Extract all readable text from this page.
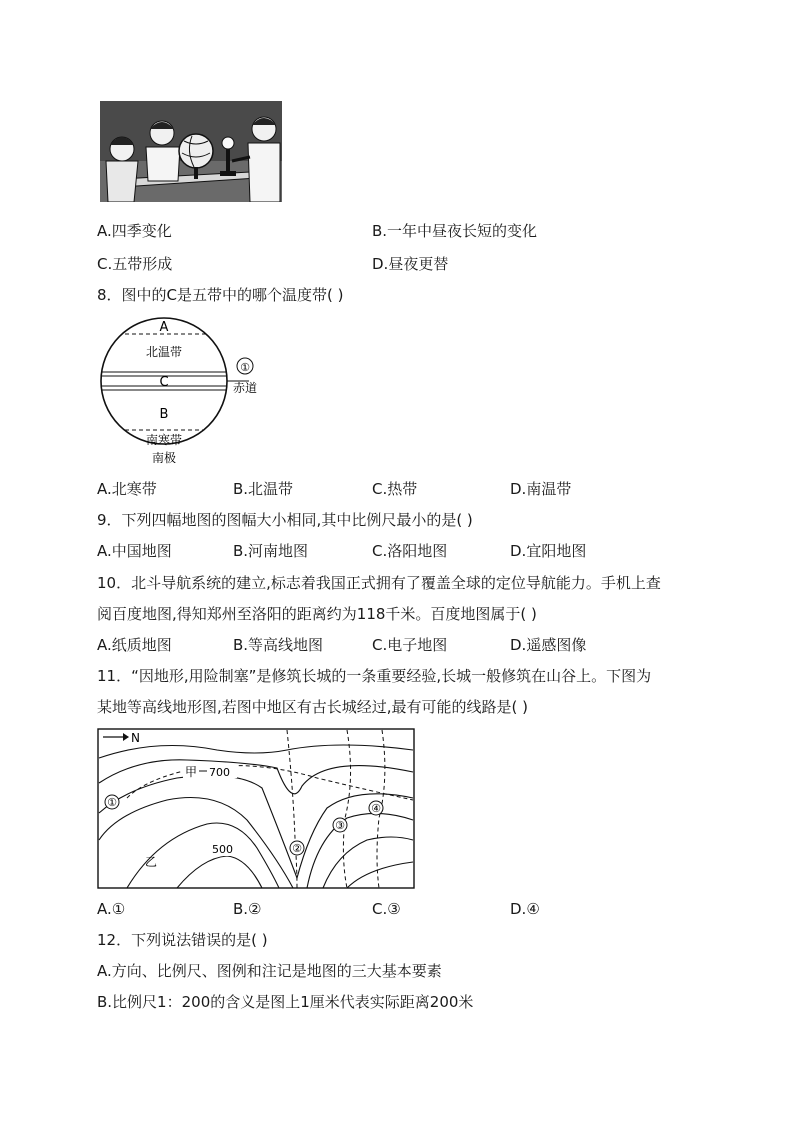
A.四季变化	B.一年中昼夜长短的变化
C.五带形成	D.昼夜更替
8．图中的C是五带中的哪个温度带( )
A
北温带
C
B
南寒带
南极
①
赤道
A.北寒带	B.北温带	C.热带	D.南温带
9．下列四幅地图的图幅大小相同,其中比例尺最小的是( )
A.中国地图	B.河南地图	C.洛阳地图	D.宜阳地图
10．北斗导航系统的建立,标志着我国正式拥有了覆盖全球的定位导航能力。手机上查
阅百度地图,得知郑州至洛阳的距离约为118千米。百度地图属于( )
A.纸质地图	B.等高线地图	C.电子地图	D.遥感图像
11．“因地形,用险制塞”是修筑长城的一条重要经验,长城一般修筑在山谷上。下图为
某地等高线地形图,若图中地区有古长城经过,最有可能的线路是( )
N
①
②
③
④
甲 700
500
乙
A.①	B.②	C.③	D.④
12．下列说法错误的是( )
A.方向、比例尺、图例和注记是地图的三大基本要素
B.比例尺1：200的含义是图上1厘米代表实际距离200米
